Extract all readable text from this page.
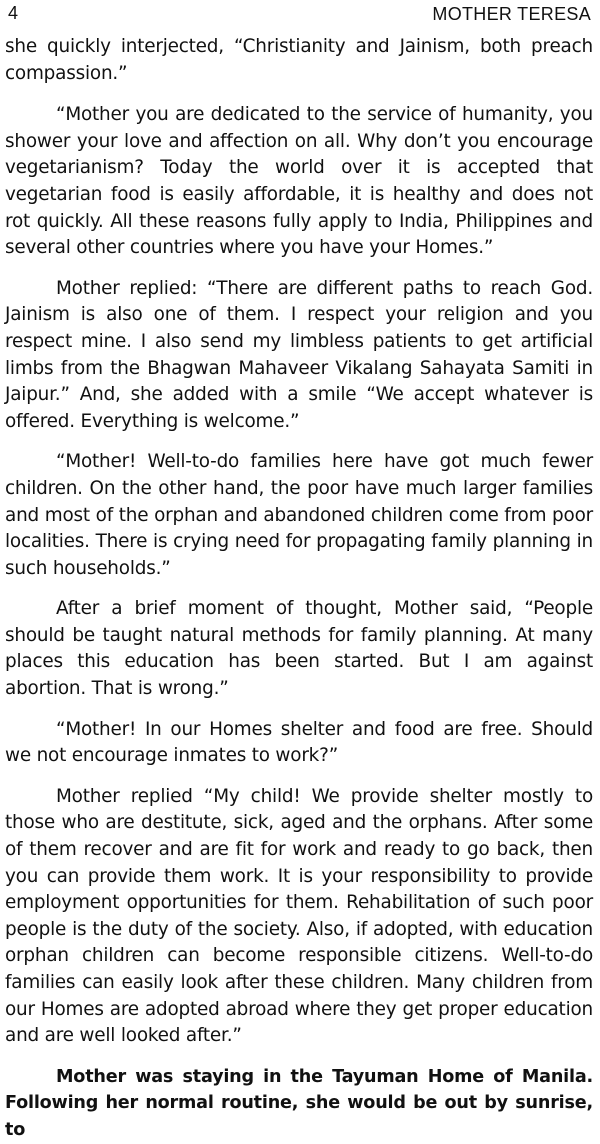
4	MOTHER TERESA

she quickly interjected, “Christianity and Jainism, both preach compassion.”

“Mother you are dedicated to the service of humanity, you shower your love and affection on all. Why don’t you encourage vegetarianism? Today the world over it is accepted that vegetarian food is easily affordable, it is healthy and does not rot quickly. All these reasons fully apply to India, Philippines and several other countries where you have your Homes.”

Mother replied: “There are different paths to reach God. Jainism is also one of them. I respect your religion and you respect mine. I also send my limbless patients to get artificial limbs from the Bhagwan Mahaveer Vikalang Sahayata Samiti in Jaipur.” And, she added with a smile “We accept whatever is offered. Everything is welcome.”

“Mother! Well-to-do families here have got much fewer children. On the other hand, the poor have much larger families and most of the orphan and abandoned children come from poor localities. There is crying need for propagating family planning in such households.”

After a brief moment of thought, Mother said, “People should be taught natural methods for family planning. At many places this education has been started. But I am against abortion. That is wrong.”

“Mother! In our Homes shelter and food are free. Should we not encourage inmates to work?”

Mother replied “My child! We provide shelter mostly to those who are destitute, sick, aged and the orphans. After some of them recover and are fit for work and ready to go back, then you can provide them work. It is your responsibility to provide employment opportunities for them. Rehabilitation of such poor people is the duty of the society. Also, if adopted, with education orphan children can become responsible citizens. Well-to-do families can easily look after these children. Many children from our Homes are adopted abroad where they get proper education and are well looked after.”

Mother was staying in the Tayuman Home of Manila. Following her normal routine, she would be out by sunrise, to
